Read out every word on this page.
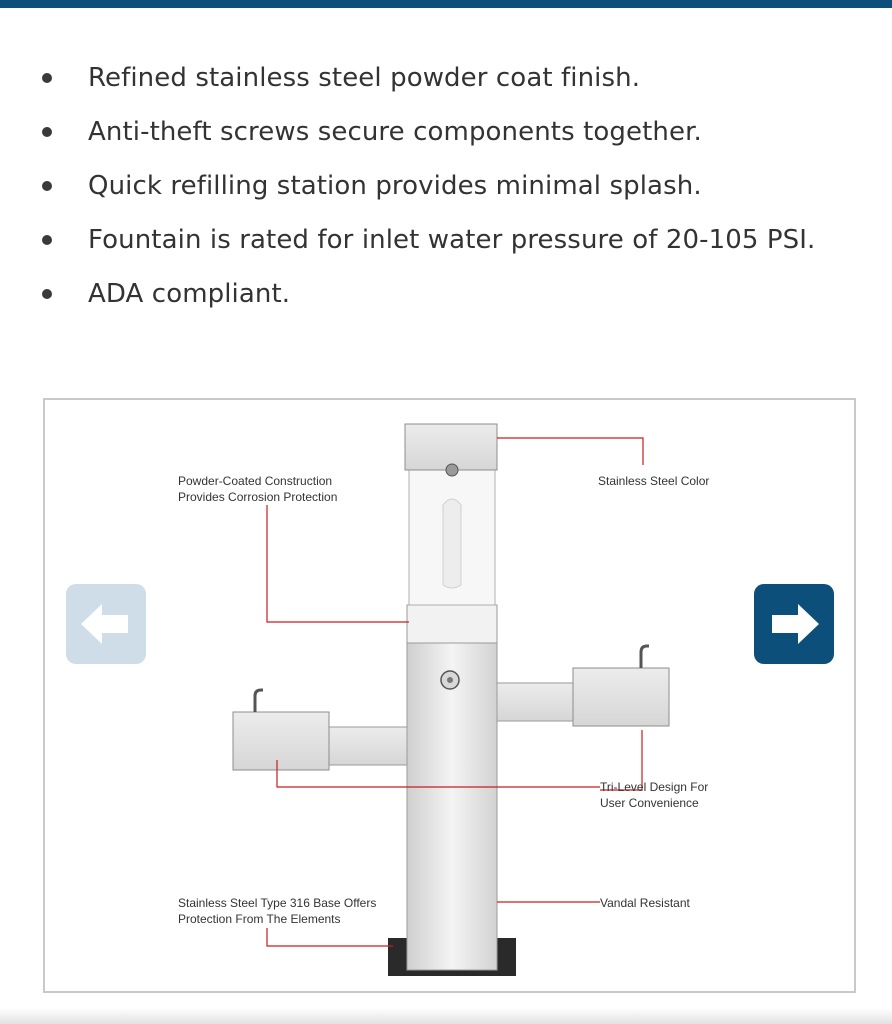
Refined stainless steel powder coat finish.
Anti-theft screws secure components together.
Quick refilling station provides minimal splash.
Fountain is rated for inlet water pressure of 20-105 PSI.
ADA compliant.
Powder-Coated Construction
Provides Corrosion Protection
Stainless Steel Color
Tri-Level Design For
User Convenience
Stainless Steel Type 316 Base Offers
Protection From The Elements
Vandal Resistant
